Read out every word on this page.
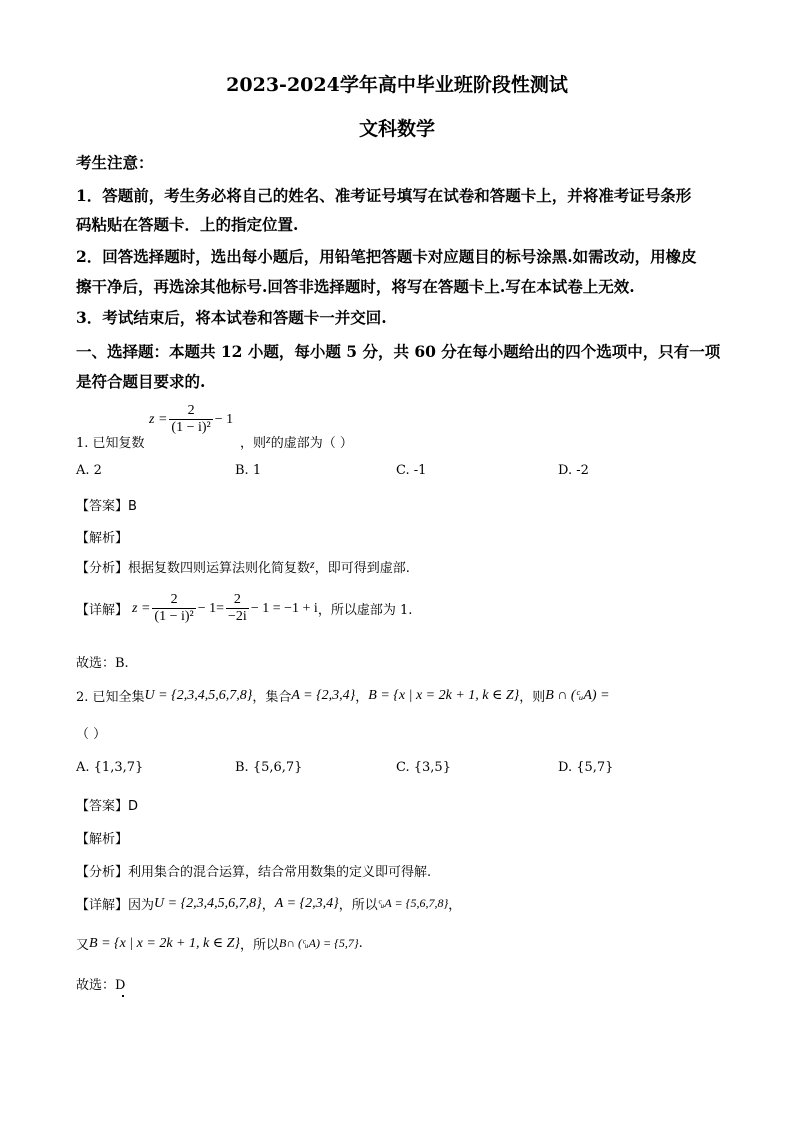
2023-2024学年高中毕业班阶段性测试
文科数学
考生注意：
1．答题前，考生务必将自己的姓名、准考证号填写在试卷和答题卡上，并将准考证号条形
码粘贴在答题卡．上的指定位置.
2．回答选择题时，选出每小题后，用铅笔把答题卡对应题目的标号涂黑.如需改动，用橡皮
擦干净后，再选涂其他标号.回答非选择题时，将写在答题卡上.写在本试卷上无效.
3．考试结束后，将本试卷和答题卡一并交回.
一、选择题：本题共 12 小题，每小题 5 分，共 60 分在每小题给出的四个选项中，只有一项
是符合题目要求的.
$_{1. 已知复数}$
$z = \frac{2}{\text{(1 − i)²}} - 1$
，则z的虚部为（ ）
A. 2	B. 1	C. -1	D. -2
【答案】B
【解析】
【分析】根据复数四则运算法则化简复数z，即可得到虚部.
【详解】 $z = \frac{2}{\text{(1 − i)²}} - 1= \frac{2}{-2i} - 1 = -1 + i$ ，所以虚部为 1.
故选：B.
2. 已知全集 U = {2,3,4,5,6,7,8} ，集合 A = {2,3,4} ， B = {x | x = 2k + 1, k ∈ Z} ，则 B ∩ (ᶜᵤA) =
（ ）
A. {1,3,7}	B. {5,6,7}	C. {3,5}	D. {5,7}
【答案】D
【解析】
【分析】利用集合的混合运算，结合常用数集的定义即可得解.
【详解】因为 U = {2,3,4,5,6,7,8} ， A = {2,3,4} ，所以 ᶜᵤA = {5,6,7,8} ，
又 B = {x | x = 2k + 1, k ∈ Z} ，所以 B∩ (ᶜᵤA) = {5,7} .
故选：D
